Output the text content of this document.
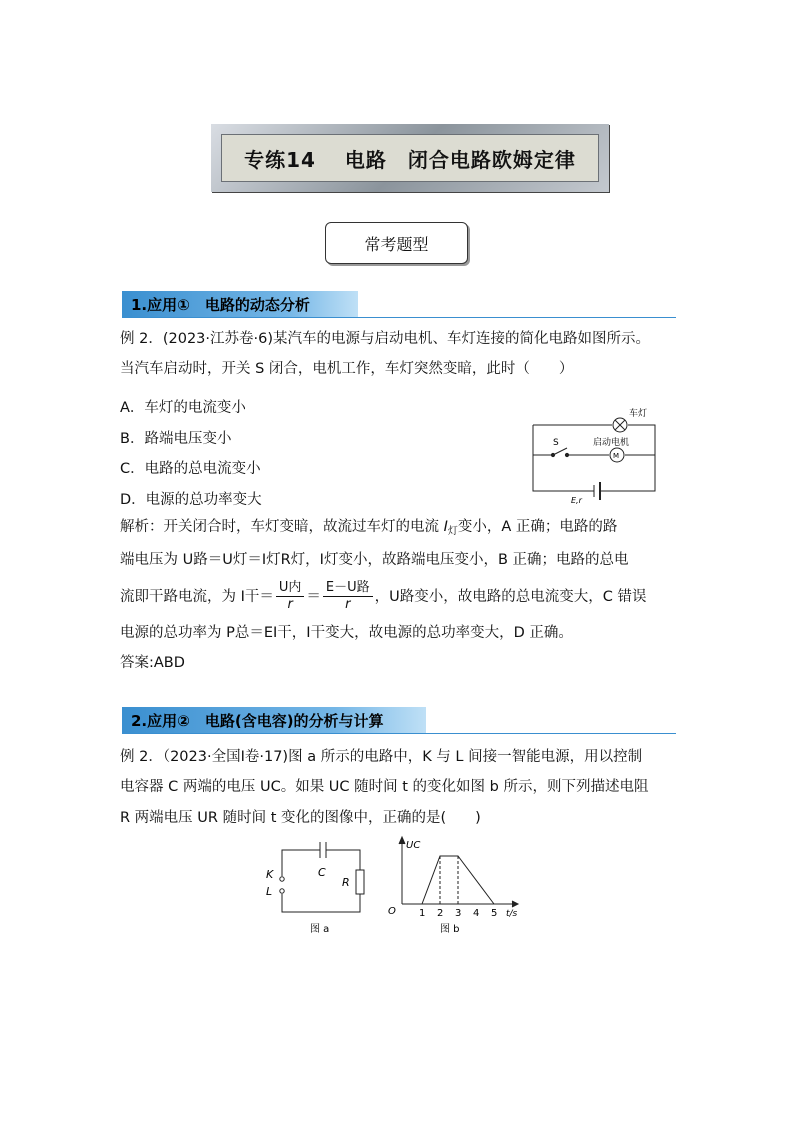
专练14　 电路　闭合电路欧姆定律
常考题型
1.应用①　电路的动态分析
例 2．(2023·江苏卷·6)某汽车的电源与启动电机、车灯连接的简化电路如图所示。
当汽车启动时，开关 S 闭合，电机工作，车灯突然变暗，此时（　　）
A．车灯的电流变小
B．路端电压变小
C．电路的总电流变小
D．电源的总功率变大
车灯
S	启动电机
M
E,r
解析：开关闭合时，车灯变暗，故流过车灯的电流 $I_灯$变小，A 正确；电路的路
端电压为 U路＝U灯＝I灯R灯，I灯变小，故路端电压变小，B 正确；电路的总电
流即干路电流，为 I干＝ $\frac{\text{U内}}{r} = \frac{\text{E－U路}}{r}$ ，U路变小，故电路的总电流变大，C 错误
电源的总功率为 P总＝EI干，I干变大，故电源的总功率变大，D 正确。
答案:ABD
2.应用②　电路(含电容)的分析与计算
例 2．（2023·全国Ⅰ卷·17)图 a 所示的电路中，K 与 L 间接一智能电源，用以控制
电容器 C 两端的电压 UC。如果 UC 随时间 t 的变化如图 b 所示，则下列描述电阻
R 两端电压 UR 随时间 t 变化的图像中，正确的是(　　)
K
L
C
R
图 a
UC
O 1 2 3 4 5 t/s
图 b
